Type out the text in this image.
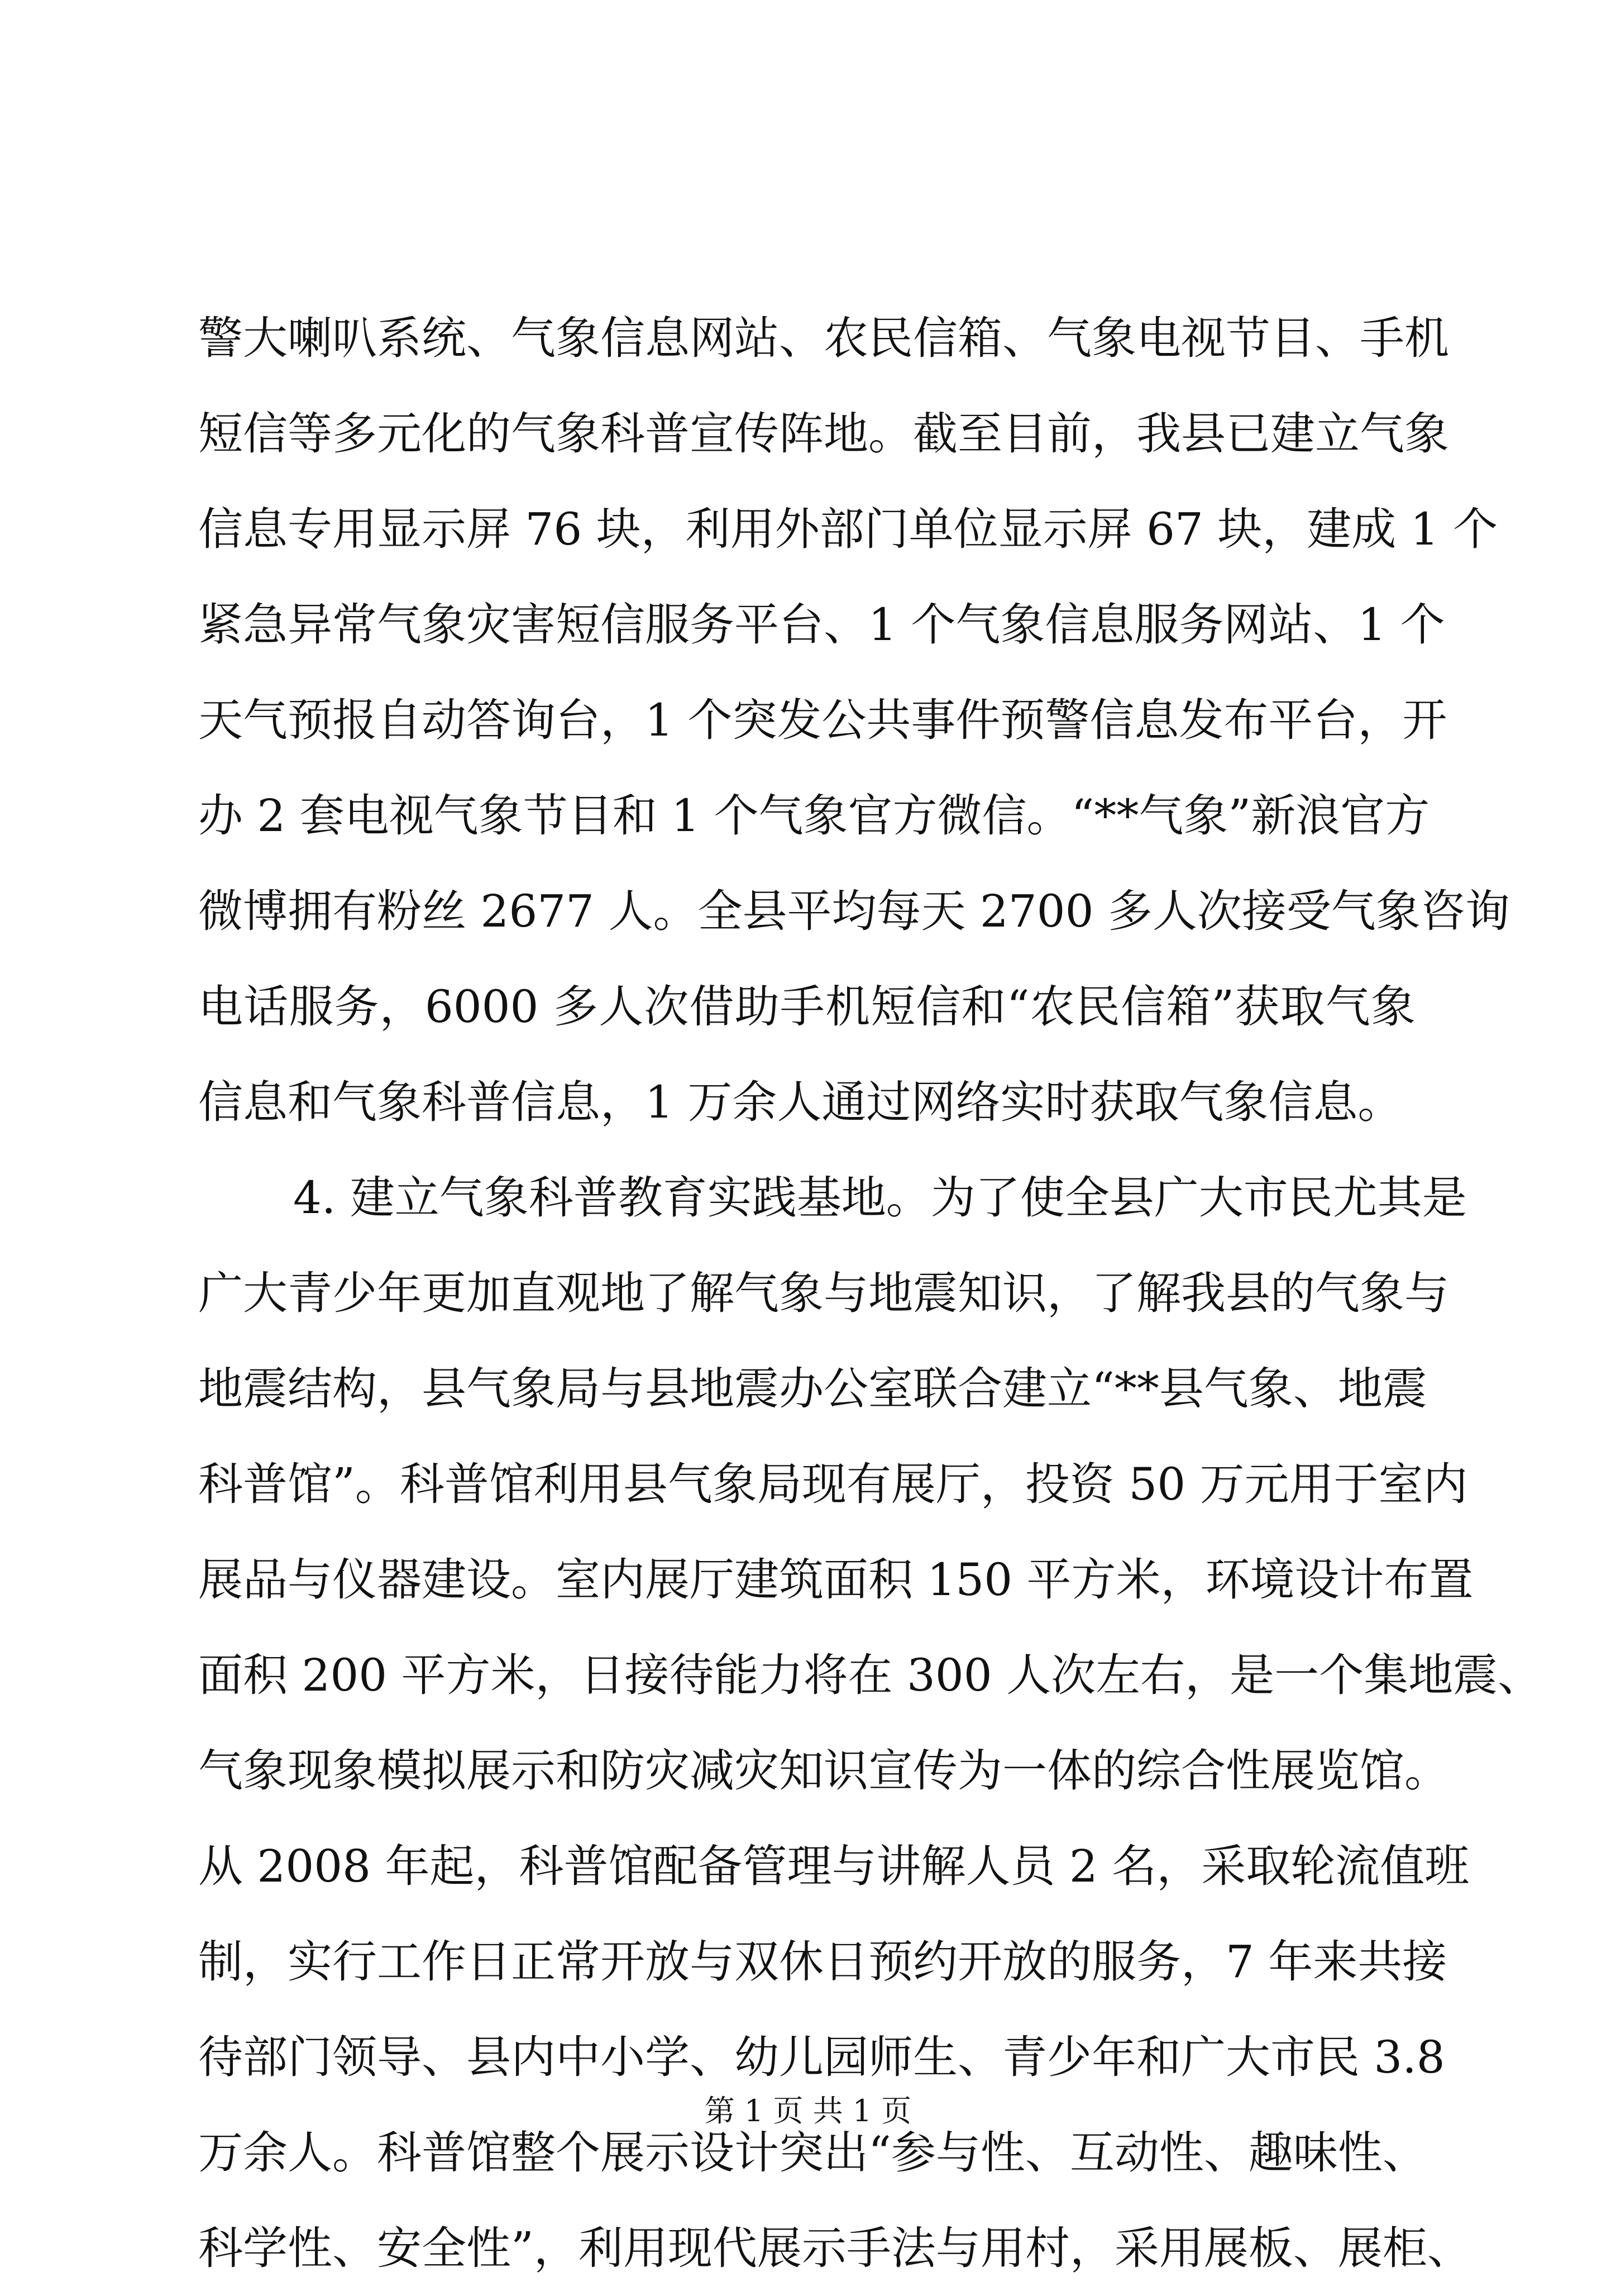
警大喇叭系统、气象信息网站、农民信箱、气象电视节目、手机
短信等多元化的气象科普宣传阵地。截至目前，我县已建立气象
信息专用显示屏 76 块，利用外部门单位显示屏 67 块，建成 1 个
紧急异常气象灾害短信服务平台、1 个气象信息服务网站、1 个
天气预报自动答询台，1 个突发公共事件预警信息发布平台，开
办 2 套电视气象节目和 1 个气象官方微信。“**气象”新浪官方
微博拥有粉丝 2677 人。全县平均每天 2700 多人次接受气象咨询
电话服务，6000 多人次借助手机短信和“农民信箱”获取气象
信息和气象科普信息，1 万余人通过网络实时获取气象信息。
4. 建立气象科普教育实践基地。为了使全县广大市民尤其是
广大青少年更加直观地了解气象与地震知识，了解我县的气象与
地震结构，县气象局与县地震办公室联合建立“**县气象、地震
科普馆”。科普馆利用县气象局现有展厅，投资 50 万元用于室内
展品与仪器建设。室内展厅建筑面积 150 平方米，环境设计布置
面积 200 平方米，日接待能力将在 300 人次左右，是一个集地震、
气象现象模拟展示和防灾减灾知识宣传为一体的综合性展览馆。
从 2008 年起，科普馆配备管理与讲解人员 2 名，采取轮流值班
制，实行工作日正常开放与双休日预约开放的服务，7 年来共接
待部门领导、县内中小学、幼儿园师生、青少年和广大市民 3.8
万余人。科普馆整个展示设计突出“参与性、互动性、趣味性、
科学性、安全性”，利用现代展示手法与用村，采用展板、展柜、
第 1 页 共 1 页
